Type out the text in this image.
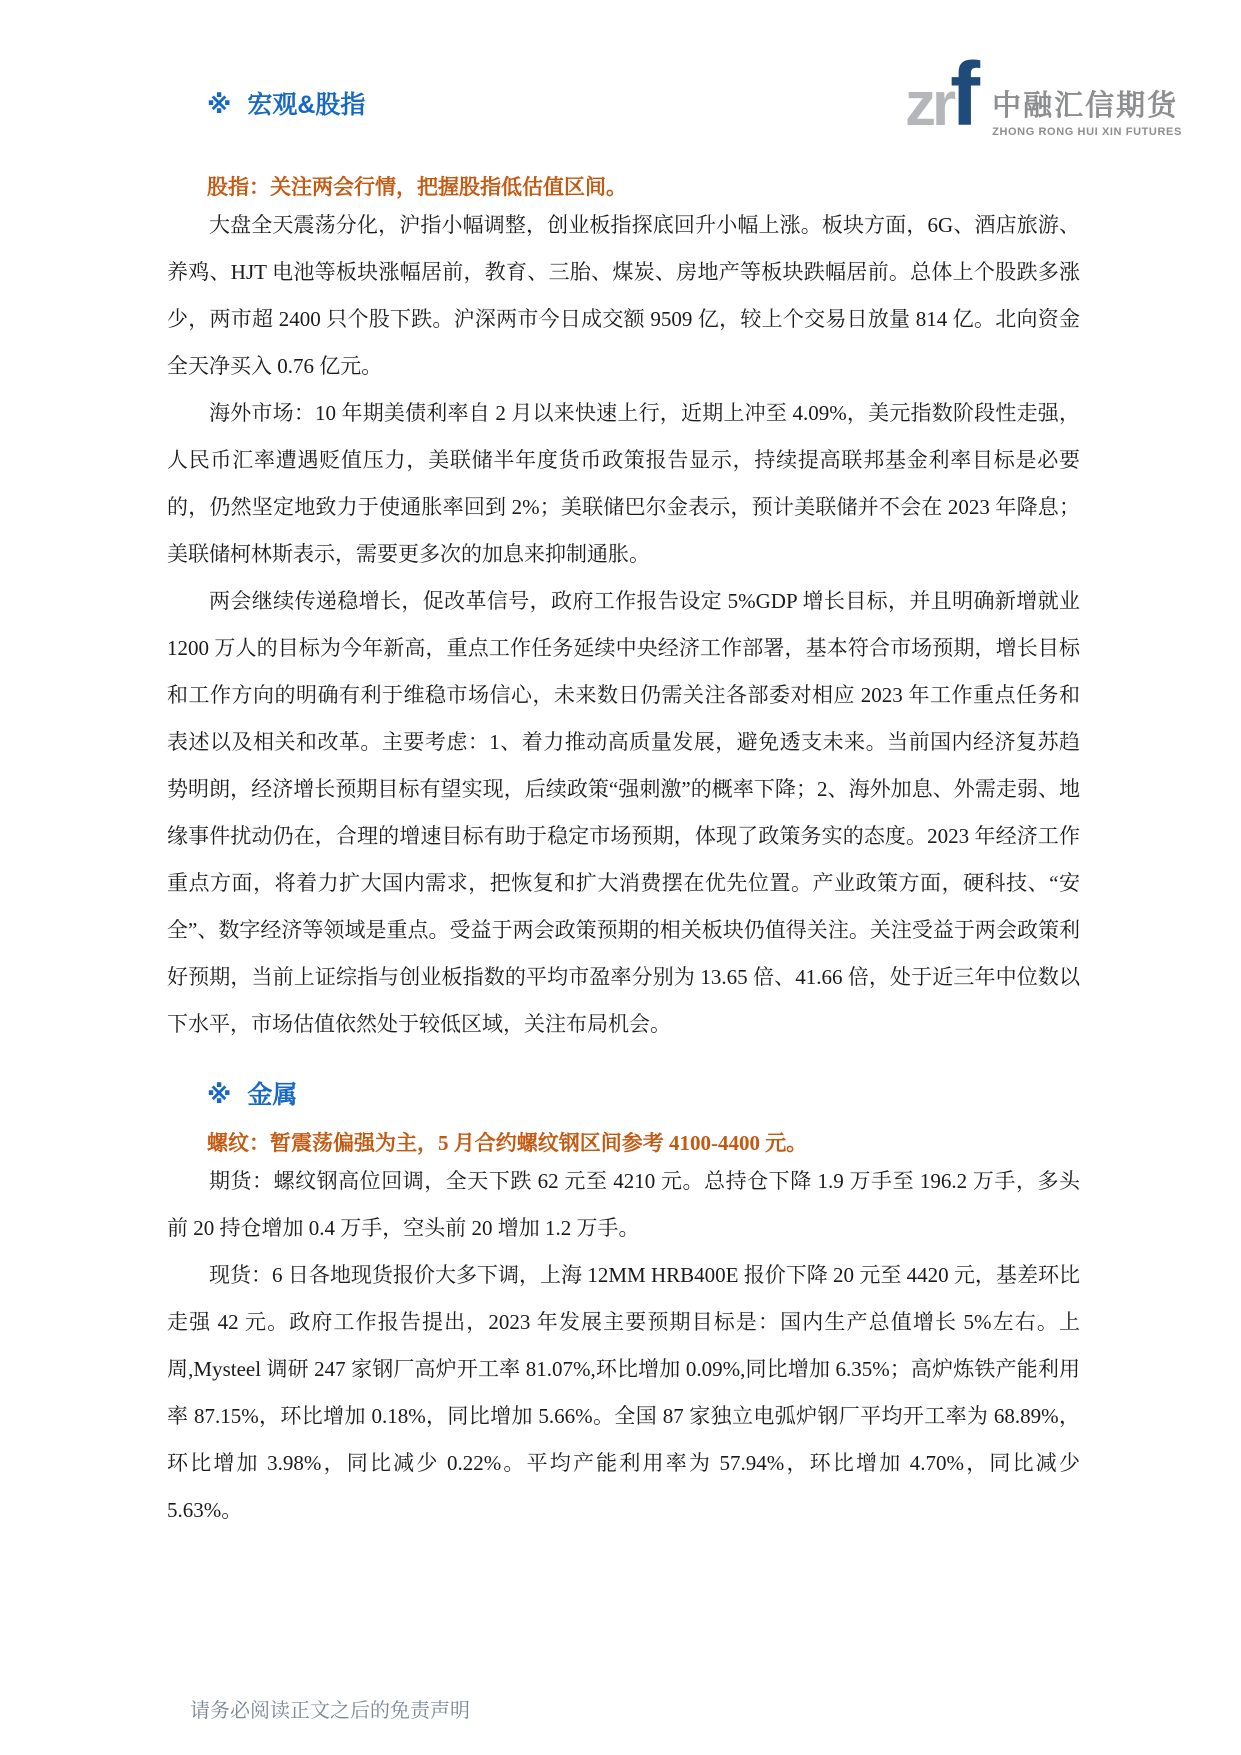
zr
f 中融汇信期货
ZHONG RONG HUI XIN FUTURES
※ 宏观&股指
股指：关注两会行情，把握股指低估值区间。

大盘全天震荡分化，沪指小幅调整，创业板指探底回升小幅上涨。板块方面，6G、酒店旅游、养鸡、HJT 电池等板块涨幅居前，教育、三胎、煤炭、房地产等板块跌幅居前。总体上个股跌多涨少，两市超 2400 只个股下跌。沪深两市今日成交额 9509 亿，较上个交易日放量 814 亿。北向资金全天净买入 0.76 亿元。

海外市场：10 年期美债利率自 2 月以来快速上行，近期上冲至 4.09%，美元指数阶段性走强，人民币汇率遭遇贬值压力，美联储半年度货币政策报告显示，持续提高联邦基金利率目标是必要的，仍然坚定地致力于使通胀率回到 2%；美联储巴尔金表示，预计美联储并不会在 2023 年降息；美联储柯林斯表示，需要更多次的加息来抑制通胀。

两会继续传递稳增长，促改革信号，政府工作报告设定 5%GDP 增长目标，并且明确新增就业 1200 万人的目标为今年新高，重点工作任务延续中央经济工作部署，基本符合市场预期，增长目标和工作方向的明确有利于维稳市场信心，未来数日仍需关注各部委对相应 2023 年工作重点任务和表述以及相关和改革。主要考虑：1、着力推动高质量发展，避免透支未来。当前国内经济复苏趋势明朗，经济增长预期目标有望实现，后续政策“强刺激”的概率下降；2、海外加息、外需走弱、地缘事件扰动仍在，合理的增速目标有助于稳定市场预期，体现了政策务实的态度。2023 年经济工作重点方面，将着力扩大国内需求，把恢复和扩大消费摆在优先位置。产业政策方面，硬科技、“安全”、数字经济等领域是重点。受益于两会政策预期的相关板块仍值得关注。关注受益于两会政策利好预期，当前上证综指与创业板指数的平均市盈率分别为 13.65 倍、41.66 倍，处于近三年中位数以下水平，市场估值依然处于较低区域，关注布局机会。

※ 金属
螺纹：暂震荡偏强为主，5 月合约螺纹钢区间参考 4100-4400 元。

期货：螺纹钢高位回调，全天下跌 62 元至 4210 元。总持仓下降 1.9 万手至 196.2 万手，多头前 20 持仓增加 0.4 万手，空头前 20 增加 1.2 万手。

现货：6 日各地现货报价大多下调，上海 12MM HRB400E 报价下降 20 元至 4420 元，基差环比走强 42 元。政府工作报告提出，2023 年发展主要预期目标是：国内生产总值增长 5%左右。上周,Mysteel 调研 247 家钢厂高炉开工率 81.07%,环比增加 0.09%,同比增加 6.35%；高炉炼铁产能利用率 87.15%，环比增加 0.18%，同比增加 5.66%。全国 87 家独立电弧炉钢厂平均开工率为 68.89%，环比增加 3.98%，同比减少 0.22%。平均产能利用率为 57.94%，环比增加 4.70%，同比减少 5.63%。

请务必阅读正文之后的免责声明
